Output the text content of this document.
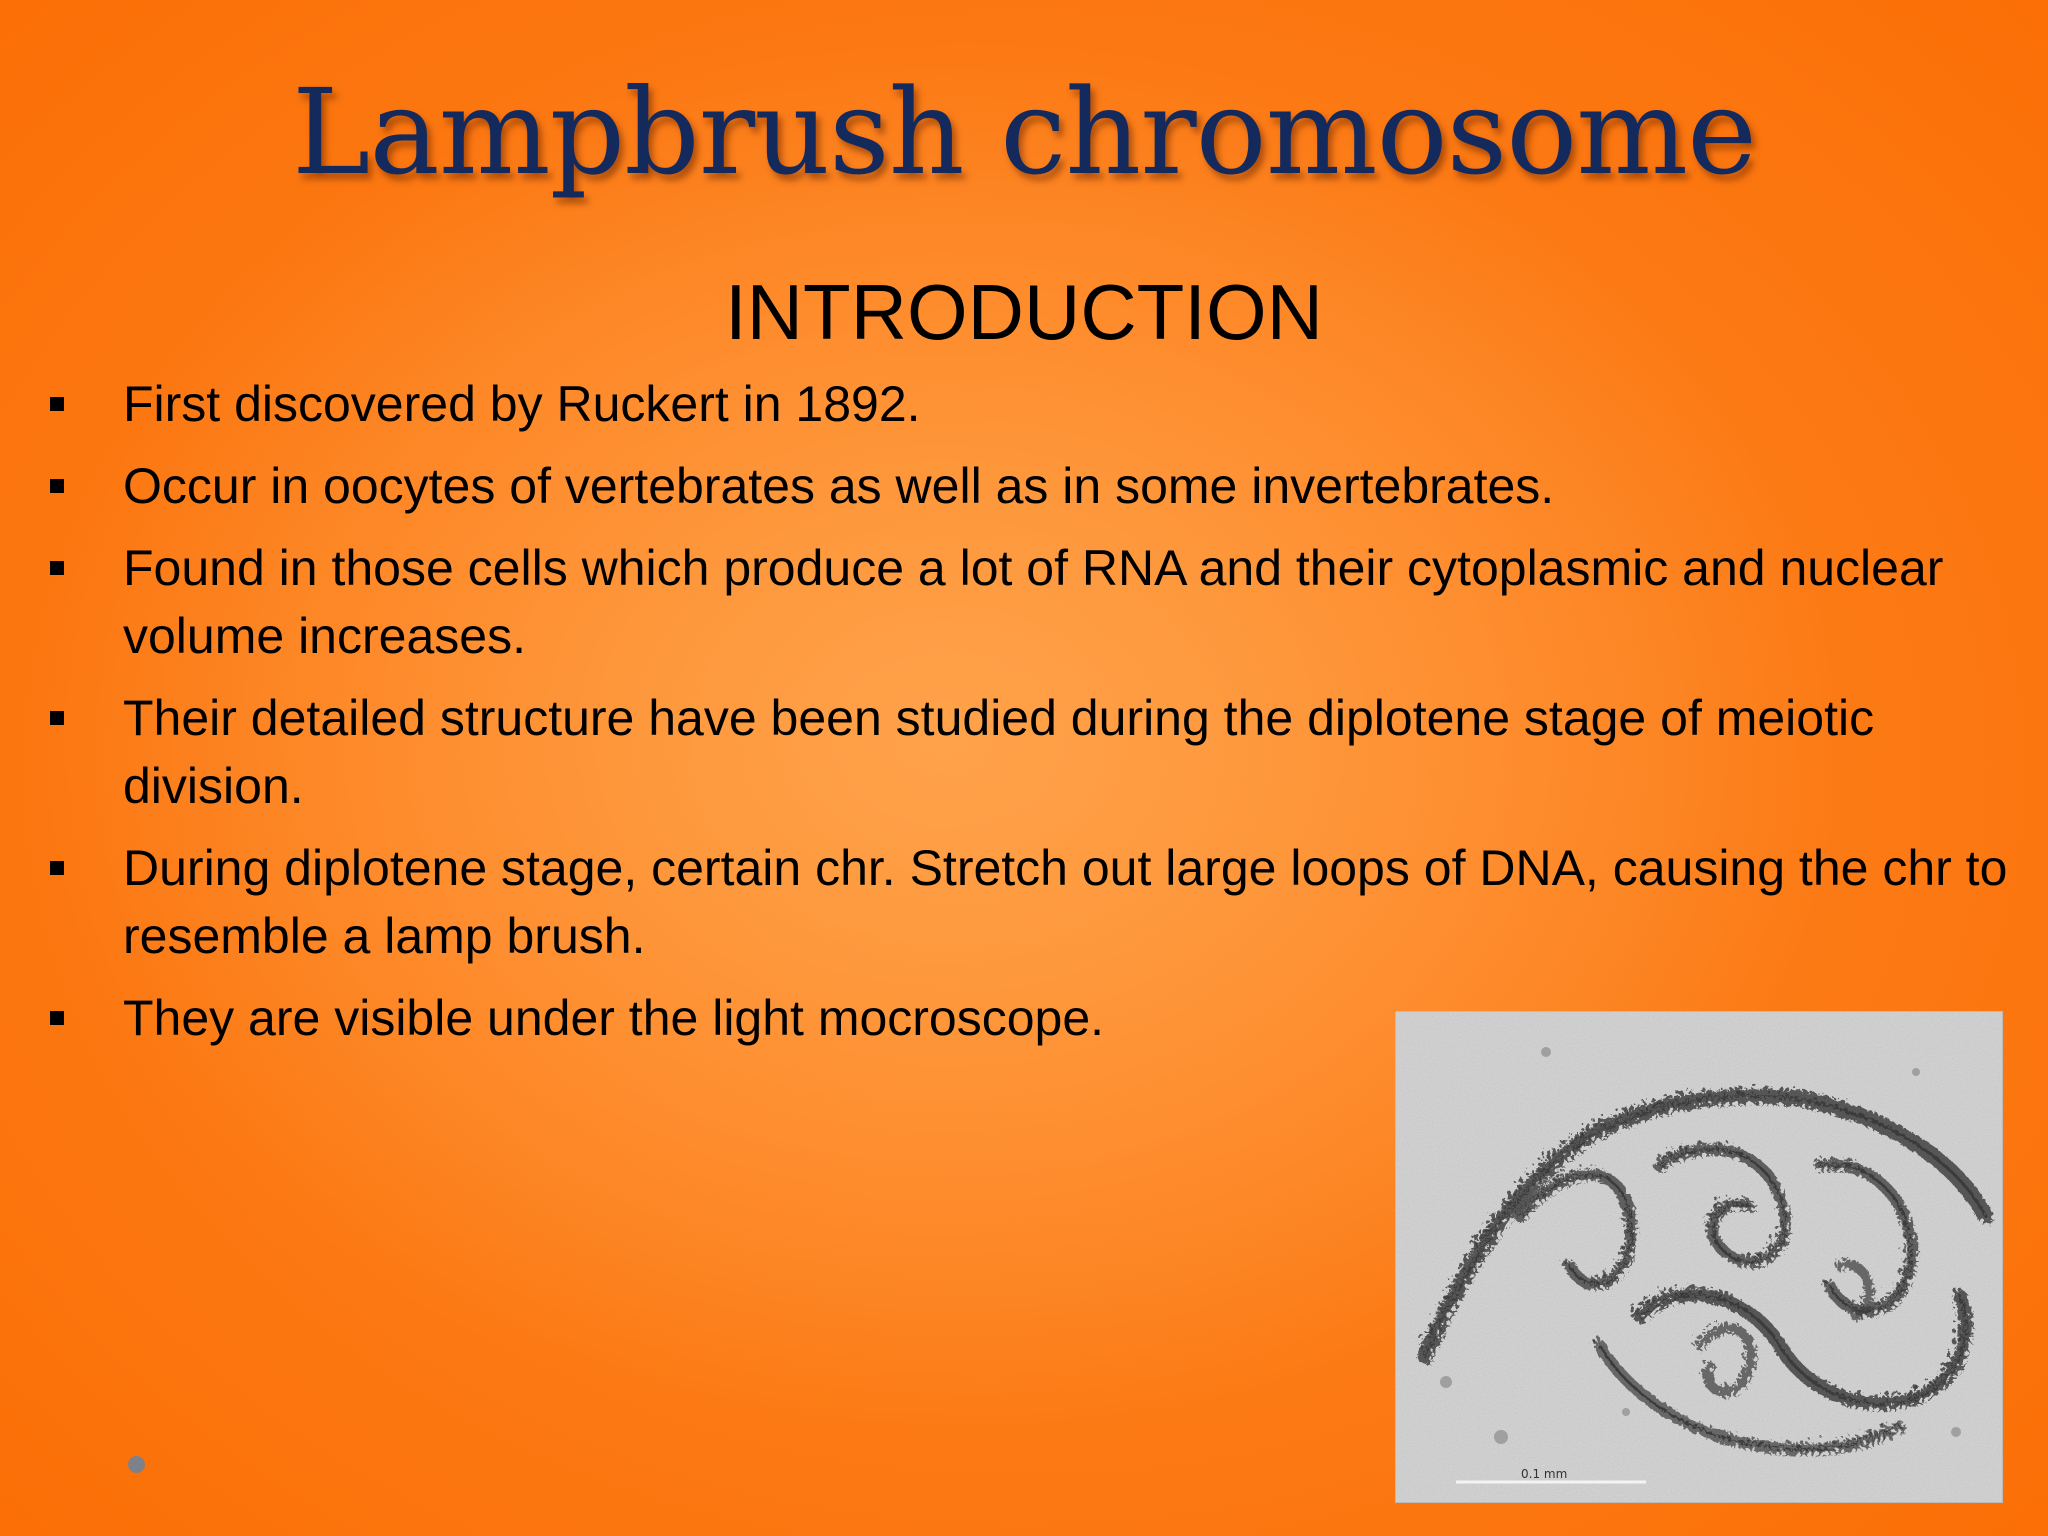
Lampbrush chromosome
INTRODUCTION
First discovered by Ruckert in 1892.
Occur in oocytes of vertebrates as well as in some invertebrates.
Found in those cells which produce a lot of RNA and their cytoplasmic and nuclear volume increases.
Their detailed structure have been studied during the diplotene stage of meiotic division.
During diplotene stage, certain chr. Stretch out large loops of DNA, causing the chr to resemble a lamp brush.
They are visible under the light mocroscope.
0.1 mm
